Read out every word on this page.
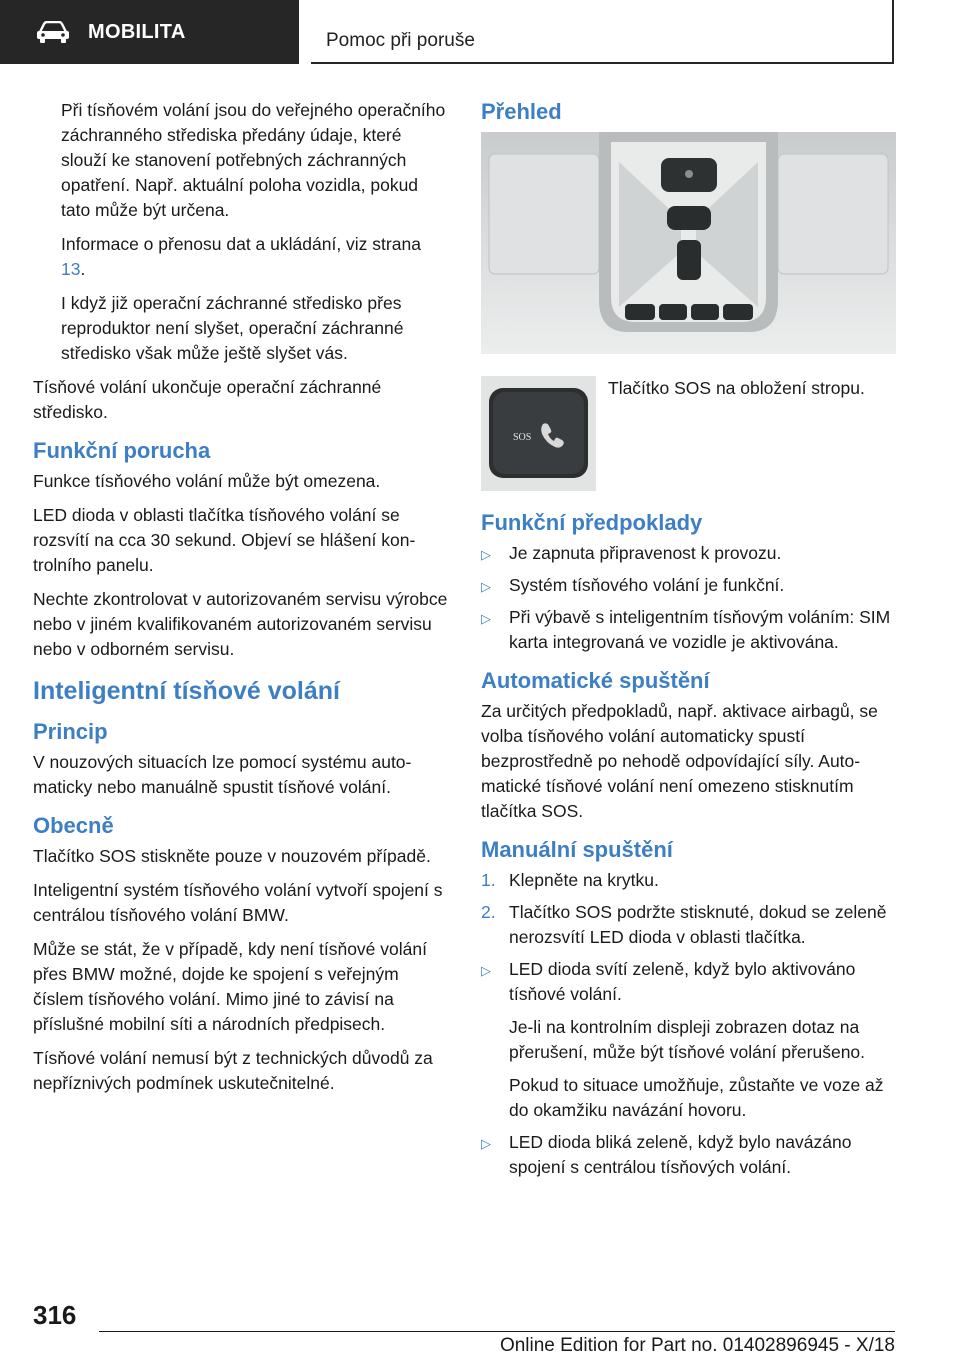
MOBILITA	Pomoc při poruše

Při tísňovém volání jsou do veřejného operačního záchranného střediska předány údaje, které slouží ke stanovení potřebných záchranných opatření. Např. aktuální poloha vozidla, pokud tato může být určena.

Informace o přenosu dat a ukládání, viz strana 13.

I když již operační záchranné středisko přes reproduktor není slyšet, operační záchranné středisko však může ještě slyšet vás.

Tísňové volání ukončuje operační záchranné středisko.

Funkční porucha

Funkce tísňového volání může být omezena.

LED dioda v oblasti tlačítka tísňového volání se rozsvítí na cca 30 sekund. Objeví se hlášení kontrolního panelu.

Nechte zkontrolovat v autorizovaném servisu výrobce nebo v jiném kvalifikovaném autorizovaném servisu nebo v odborném servisu.

Inteligentní tísňové volání
Princip

V nouzových situacích lze pomocí systému automaticky nebo manuálně spustit tísňové volání.

Obecně

Tlačítko SOS stiskněte pouze v nouzovém případě.

Inteligentní systém tísňového volání vytvoří spojení s centrálou tísňového volání BMW.

Může se stát, že v případě, kdy není tísňové volání přes BMW možné, dojde ke spojení s veřejným číslem tísňového volání. Mimo jiné to závisí na příslušné mobilní síti a národních předpisech.

Tísňové volání nemusí být z technických důvodů za nepříznivých podmínek uskutečnitelné.

Přehled
SOS

Tlačítko SOS na obložení stropu.

Funkční předpoklady
▷ Je zapnuta připravenost k provozu.
▷ Systém tísňového volání je funkční.
▷ Při výbavě s inteligentním tísňovým voláním: SIM karta integrovaná ve vozidle je aktivována.
Automatické spuštění

Za určitých předpokladů, např. aktivace airbagů, se volba tísňového volání automaticky spustí bezprostředně po nehodě odpovídající síly. Automatické tísňové volání není omezeno stisknutím tlačítka SOS.

Manuální spuštění
1. Klepněte na krytku.
2. Tlačítko SOS podržte stisknuté, dokud se zeleně nerozsvítí LED dioda v oblasti tlačítka.
▷ LED dioda svítí zeleně, když bylo aktivováno tísňové volání.
Je-li na kontrolním displeji zobrazen dotaz na přerušení, může být tísňové volání přerušeno.
Pokud to situace umožňuje, zůstaňte ve voze až do okamžiku navázání hovoru.
▷ LED dioda bliká zeleně, když bylo navázáno spojení s centrálou tísňových volání.
316
Online Edition for Part no. 01402896945 - X/18
